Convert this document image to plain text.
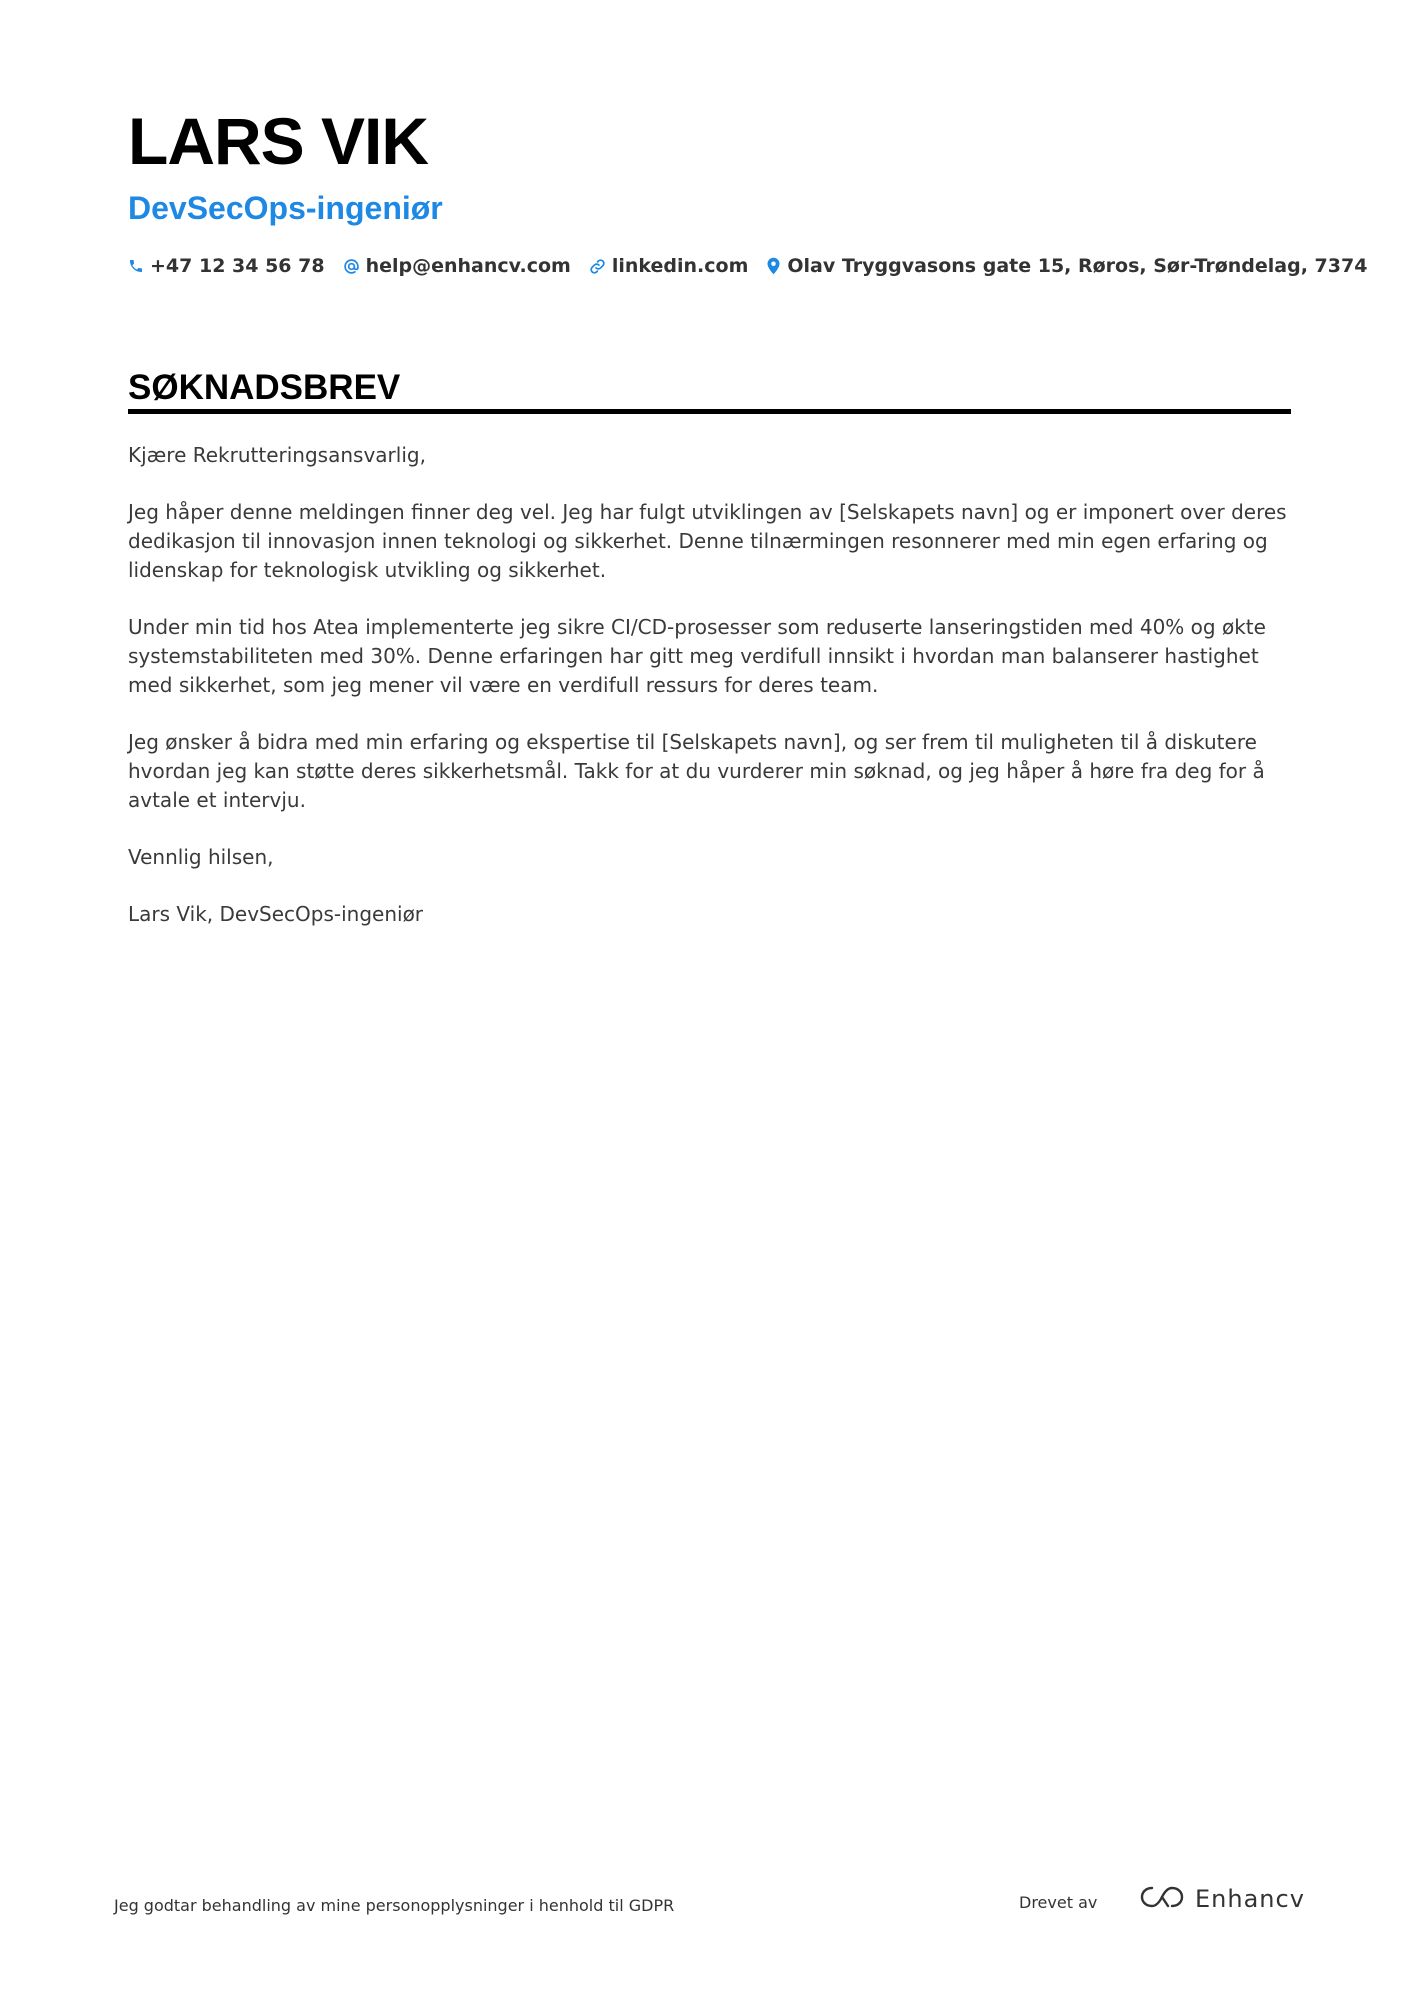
LARS VIK
DevSecOps-ingeniør
+47 12 34 56 78 help@enhancv.com linkedin.com Olav Tryggvasons gate 15, Røros, Sør-Trøndelag, 7374
SØKNADSBREV

Kjære Rekrutteringsansvarlig,

Jeg håper denne meldingen finner deg vel. Jeg har fulgt utviklingen av [Selskapets navn] og er imponert over deres dedikasjon til innovasjon innen teknologi og sikkerhet. Denne tilnærmingen resonnerer med min egen erfaring og lidenskap for teknologisk utvikling og sikkerhet.

Under min tid hos Atea implementerte jeg sikre CI/CD-prosesser som reduserte lanseringstiden med 40% og økte systemstabiliteten med 30%. Denne erfaringen har gitt meg verdifull innsikt i hvordan man balanserer hastighet med sikkerhet, som jeg mener vil være en verdifull ressurs for deres team.

Jeg ønsker å bidra med min erfaring og ekspertise til [Selskapets navn], og ser frem til muligheten til å diskutere hvordan jeg kan støtte deres sikkerhetsmål. Takk for at du vurderer min søknad, og jeg håper å høre fra deg for å avtale et intervju.

Vennlig hilsen,

Lars Vik, DevSecOps-ingeniør

Jeg godtar behandling av mine personopplysninger i henhold til GDPR	Drevet av	Enhancv
